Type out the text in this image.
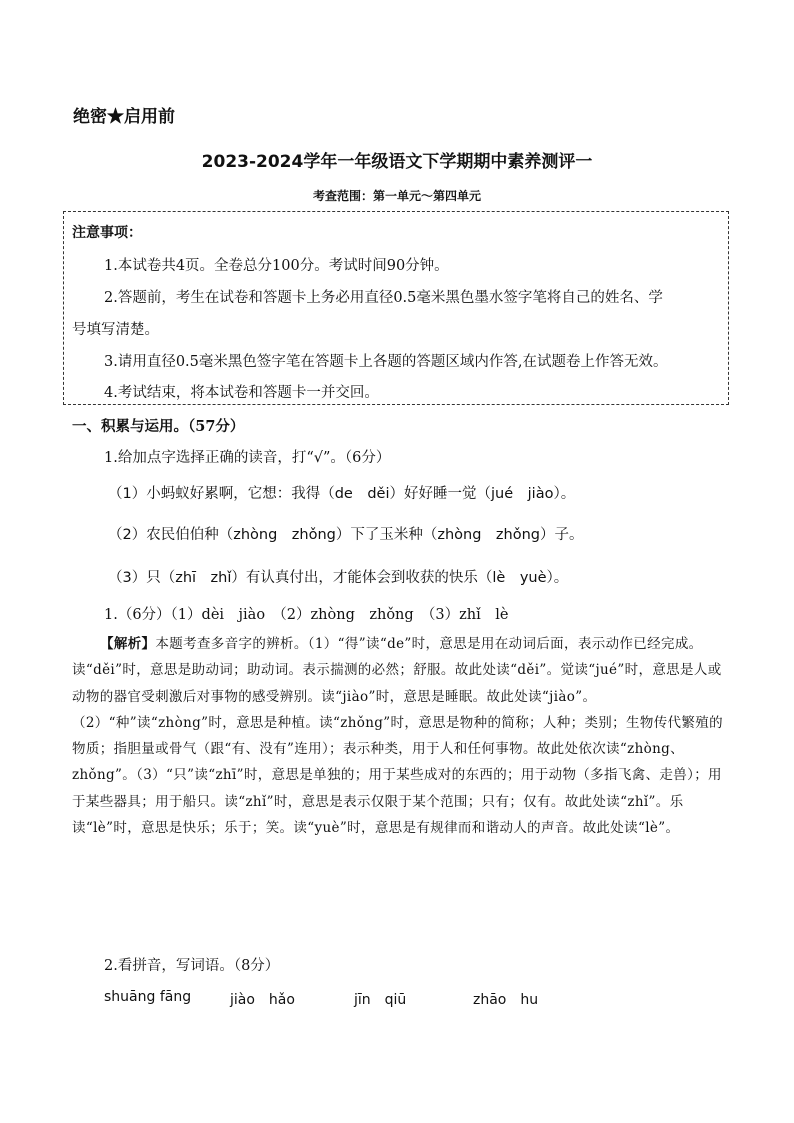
绝密★启用前
2023-2024学年一年级语文下学期期中素养测评一
考查范围：第一单元～第四单元
注意事项：
1.本试卷共4页。全卷总分100分。考试时间90分钟。
2.答题前，考生在试卷和答题卡上务必用直径0.5毫米黑色墨水签字笔将自己的姓名、学
号填写清楚。
3.请用直径0.5毫米黑色签字笔在答题卡上各题的答题区域内作答,在试题卷上作答无效。
4.考试结束，将本试卷和答题卡一并交回。
一、积累与运用。（57分）
1.给加点字选择正确的读音，打“√”。（6分）
（1）小蚂蚁好累啊，它想：我得（de　děi）好好睡一觉（jué　jiào）。
（2）农民伯伯种（zhòng　zhǒng）下了玉米种（zhòng　zhǒng）子。
（3）只（zhī　zhǐ）有认真付出，才能体会到收获的快乐（lè　yuè）。
1.（6分）（1）dèi　jiào　（2）zhòng　zhǒng　（3）zhǐ　lè
【解析】本题考查多音字的辨析。（1）“得”读“de”时，意思是用在动词后面，表示动作已经完成。读“děi”时，意思是助动词；助动词。表示揣测的必然；舒服。故此处读“děi”。觉读“jué”时，意思是人或动物的器官受刺激后对事物的感受辨别。读“jiào”时，意思是睡眠。故此处读“jiào”。（2）“种”读“zhòng”时，意思是种植。读“zhǒng”时，意思是物种的简称；人种；类别；生物传代繁殖的物质；指胆量或骨气（跟“有、没有”连用）；表示种类，用于人和任何事物。故此处依次读“zhòng、zhǒng”。（3）“只”读“zhī”时，意思是单独的；用于某些成对的东西的；用于动物（多指飞禽、走兽）；用于某些器具；用于船只。读“zhǐ”时，意思是表示仅限于某个范围；只有；仅有。故此处读“zhǐ”。乐读“lè”时，意思是快乐；乐于；笑。读“yuè”时，意思是有规律而和谐动人的声音。故此处读“lè”。
2.看拼音，写词语。（8分）
shuāng fāng	jiào　hǎo	jīn　qiū	zhāo　hu
